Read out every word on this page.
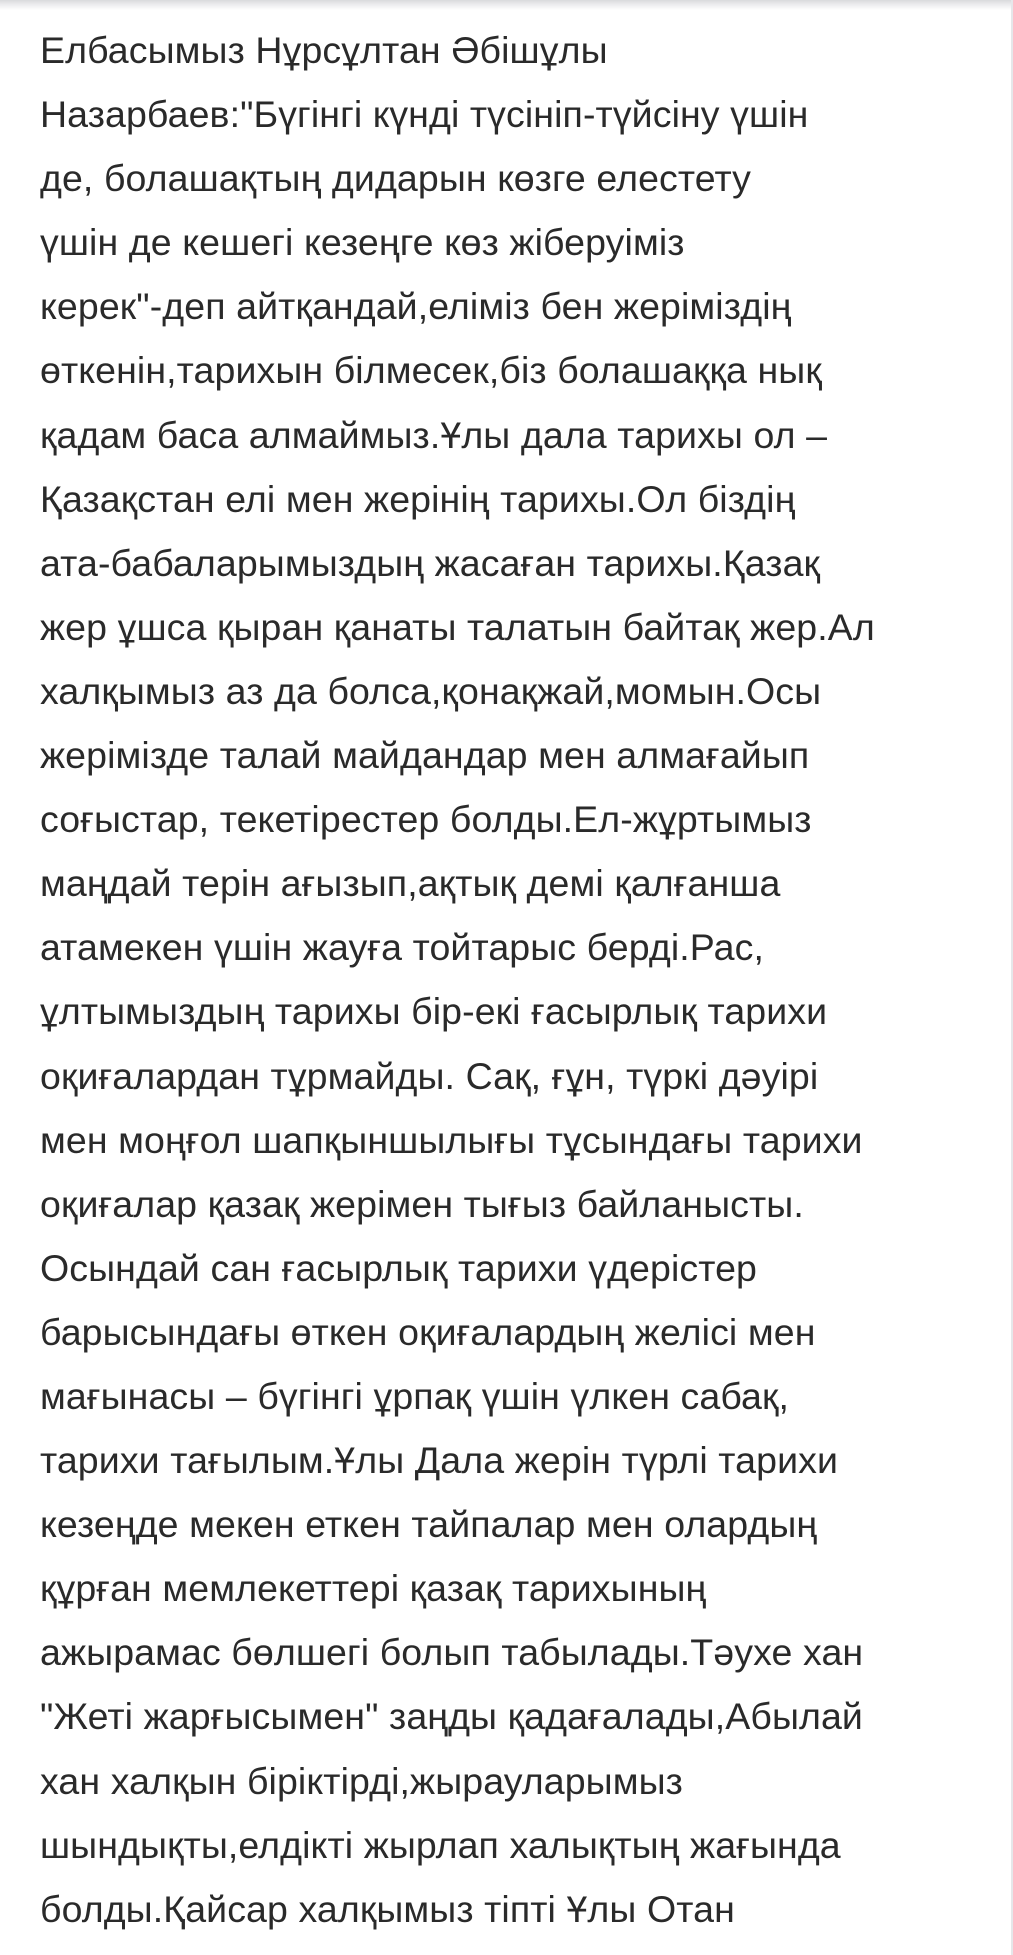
Елбасымыз Нұрсұлтан Әбішұлы
Назарбаев:"Бүгінгі күнді түсініп-түйсіну үшін
де, болашақтың дидарын көзге елестету
үшін де кешегі кезеңге көз жіберуіміз
керек"-деп айтқандай,еліміз бен жеріміздің
өткенін,тарихын білмесек,біз болашаққа нық
қадам баса алмаймыз.Ұлы дала тарихы ол –
Қазақстан елі мен жерінің тарихы.Ол біздің
ата-бабаларымыздың жасаған тарихы.Қазақ
жер ұшса қыран қанаты талатын байтақ жер.Ал
халқымыз аз да болса,қонақжай,момын.Осы
жерімізде талай майдандар мен алмағайып
соғыстар, текетірестер болды.Ел-жұртымыз
маңдай терін ағызып,ақтық демі қалғанша
атамекен үшін жауға тойтарыс берді.Рас,
ұлтымыздың тарихы бір-екі ғасырлық тарихи
оқиғалардан тұрмайды. Сақ, ғұн, түркі дәуірі
мен моңғол шапқыншылығы тұсындағы тарихи
оқиғалар қазақ жерімен тығыз байланысты.
Осындай сан ғасырлық тарихи үдерістер
барысындағы өткен оқиғалардың желісі мен
мағынасы – бүгінгі ұрпақ үшін үлкен сабақ,
тарихи тағылым.Ұлы Дала жерін түрлі тарихи
кезеңде мекен еткен тайпалар мен олардың
құрған мемлекеттері қазақ тарихының
ажырамас бөлшегі болып табылады.Тәухе хан
"Жеті жарғысымен" заңды қадағалады,Абылай
хан халқын біріктірді,жырауларымыз
шындықты,елдікті жырлап халықтың жағында
болды.Қайсар халқымыз тіпті Ұлы Отан
